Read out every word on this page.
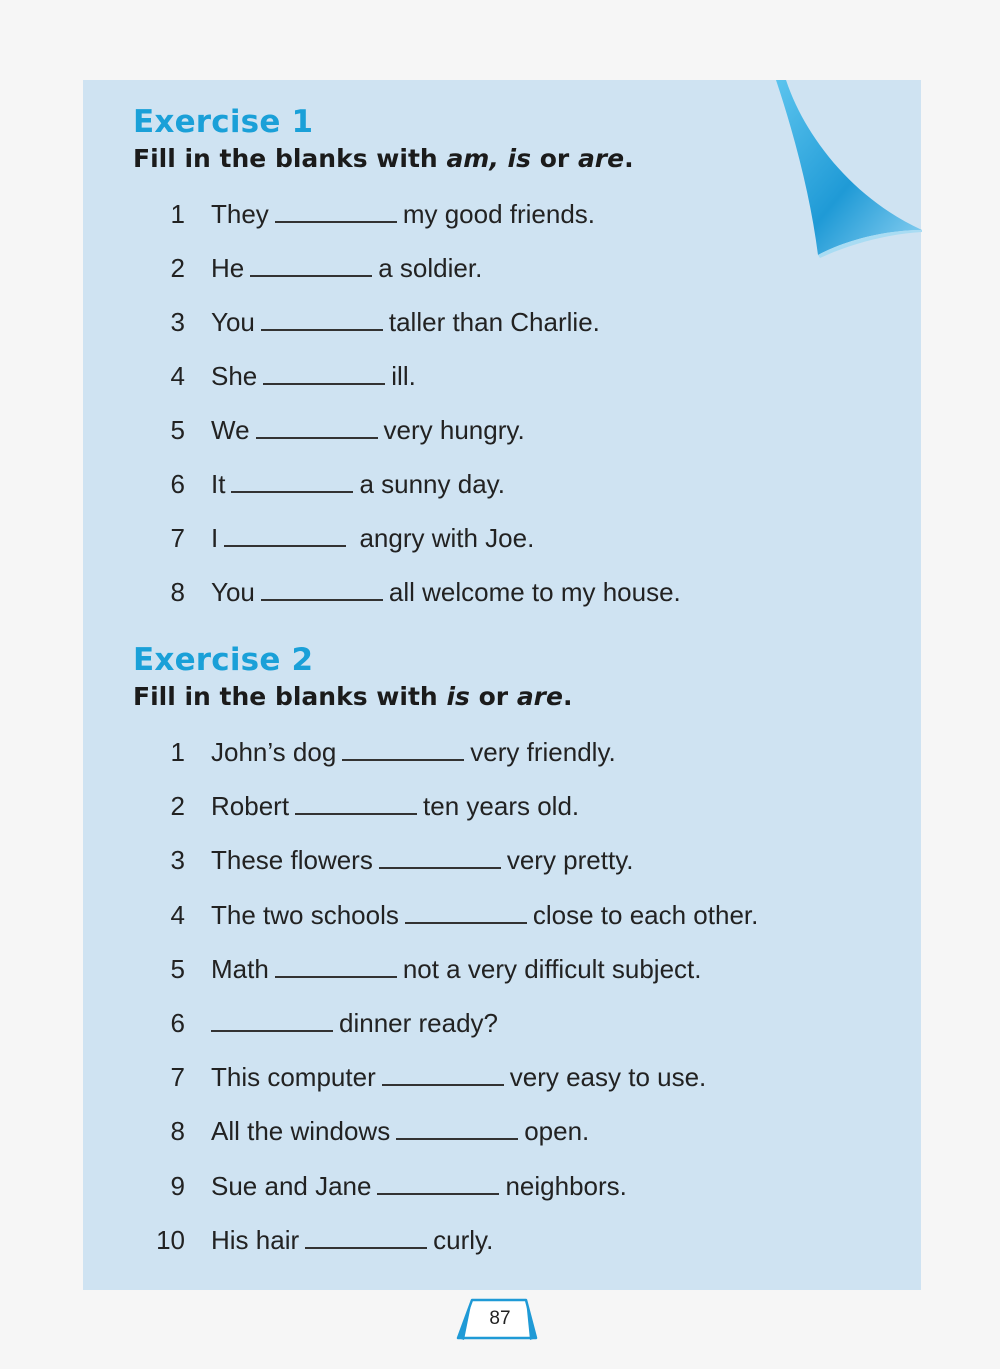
Exercise 1
Fill in the blanks with am, is or are.
1 They	my good friends.
2 He	a soldier.
3 You	taller than Charlie.
4 She	ill.
5 We	very hungry.
6 It	a sunny day.
7 I	angry with Joe.
8 You	all welcome to my house.
Exercise 2
Fill in the blanks with is or are.
1 John’s dog	very friendly.
2 Robert	ten years old.
3 These flowers	very pretty.
4 The two schools	close to each other.
5 Math	not a very difficult subject.
6	dinner ready?
7 This computer	very easy to use.
8 All the windows	open.
9 Sue and Jane	neighbors.
10 His hair	curly.
87
